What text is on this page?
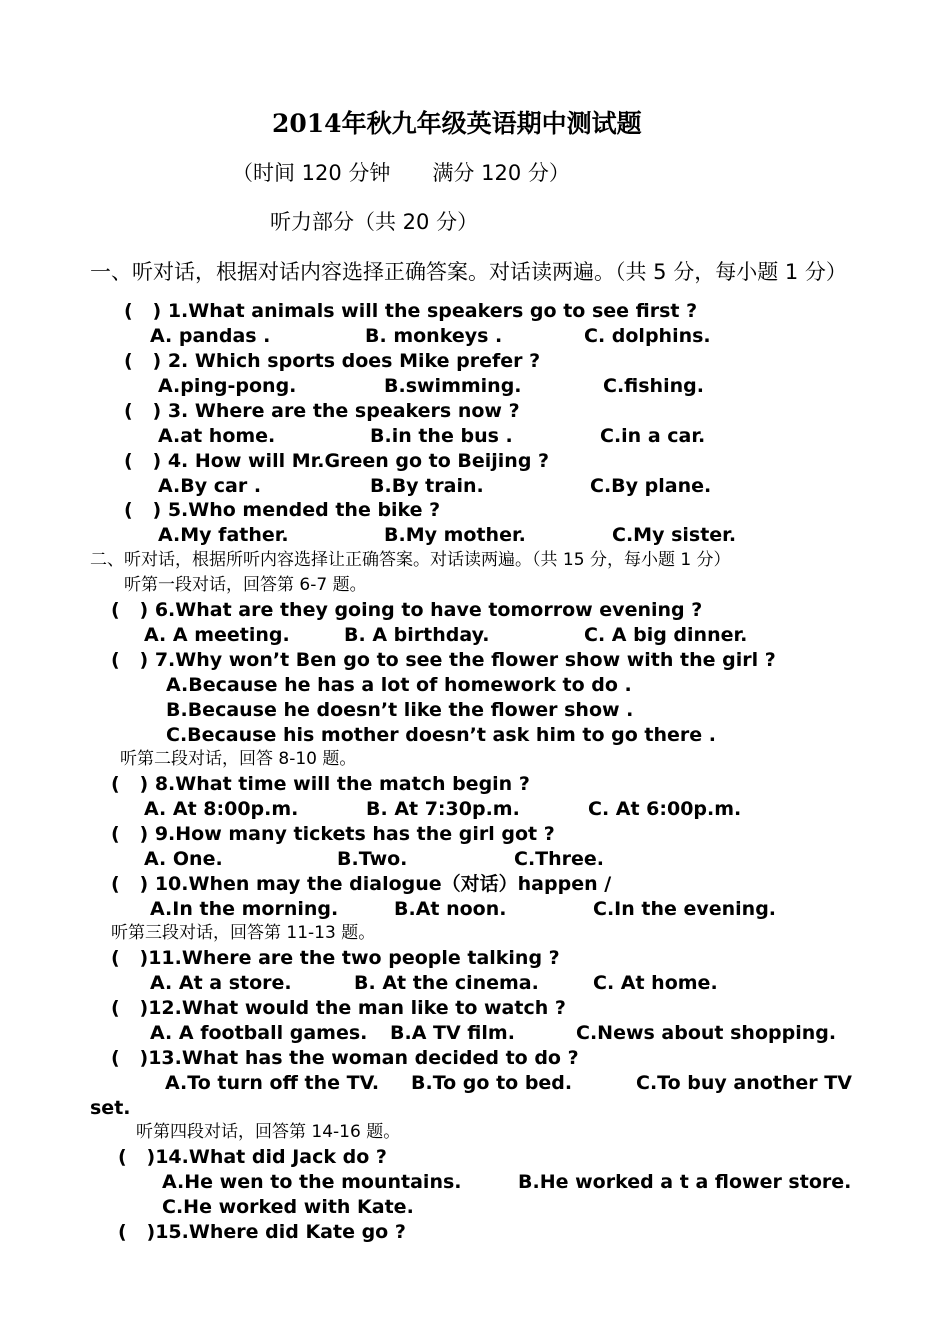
2014年秋九年级英语期中测试题
（时间 120 分钟　　满分 120 分）
听力部分（共 20 分）
一、听对话，根据对话内容选择正确答案。对话读两遍。（共 5 分，每小题 1 分）
(   ) 1.What animals will the speakers go to see first ?
A. pandas .	B. monkeys .	C. dolphins.
(   ) 2. Which sports does Mike prefer ?
A.ping-pong.	B.swimming.	C.fishing.
(   ) 3. Where are the speakers now ?
A.at home.	B.in the bus .	C.in a car.
(   ) 4. How will Mr.Green go to Beijing ?
A.By car .	B.By train.	C.By plane.
(   ) 5.Who mended the bike ?
A.My father.	B.My mother.	C.My sister.
二、听对话，根据所听内容选择让正确答案。对话读两遍。（共 15 分，每小题 1 分）
听第一段对话，回答第 6-7 题。
(   ) 6.What are they going to have tomorrow evening ?
A. A meeting.	B. A birthday.	C. A big dinner.
(   ) 7.Why won’t Ben go to see the flower show with the girl ?
A.Because he has a lot of homework to do .
B.Because he doesn’t like the flower show .
C.Because his mother doesn’t ask him to go there .
听第二段对话，回答 8-10 题。
(   ) 8.What time will the match begin ?
A. At 8:00p.m.	B. At 7:30p.m.	C. At 6:00p.m.
(   ) 9.How many tickets has the girl got ?
A. One.	B.Two.	C.Three.
(   ) 10.When may the dialogue（对话）happen /
A.In the morning.	B.At noon.	C.In the evening.
听第三段对话，回答第 11-13 题。
(   )11.Where are the two people talking ?
A. At a store.	B. At the cinema.	C. At home.
(   )12.What would the man like to watch ?
A. A football games. B.A TV film.	C.News about shopping.
(   )13.What has the woman decided to do ?
A.To turn off the TV. B.To go to bed.	C.To buy another TV
set.
听第四段对话，回答第 14-16 题。
(   )14.What did Jack do ?
A.He wen to the mountains.	B.He worked a t a flower store.
C.He worked with Kate.
(   )15.Where did Kate go ?
